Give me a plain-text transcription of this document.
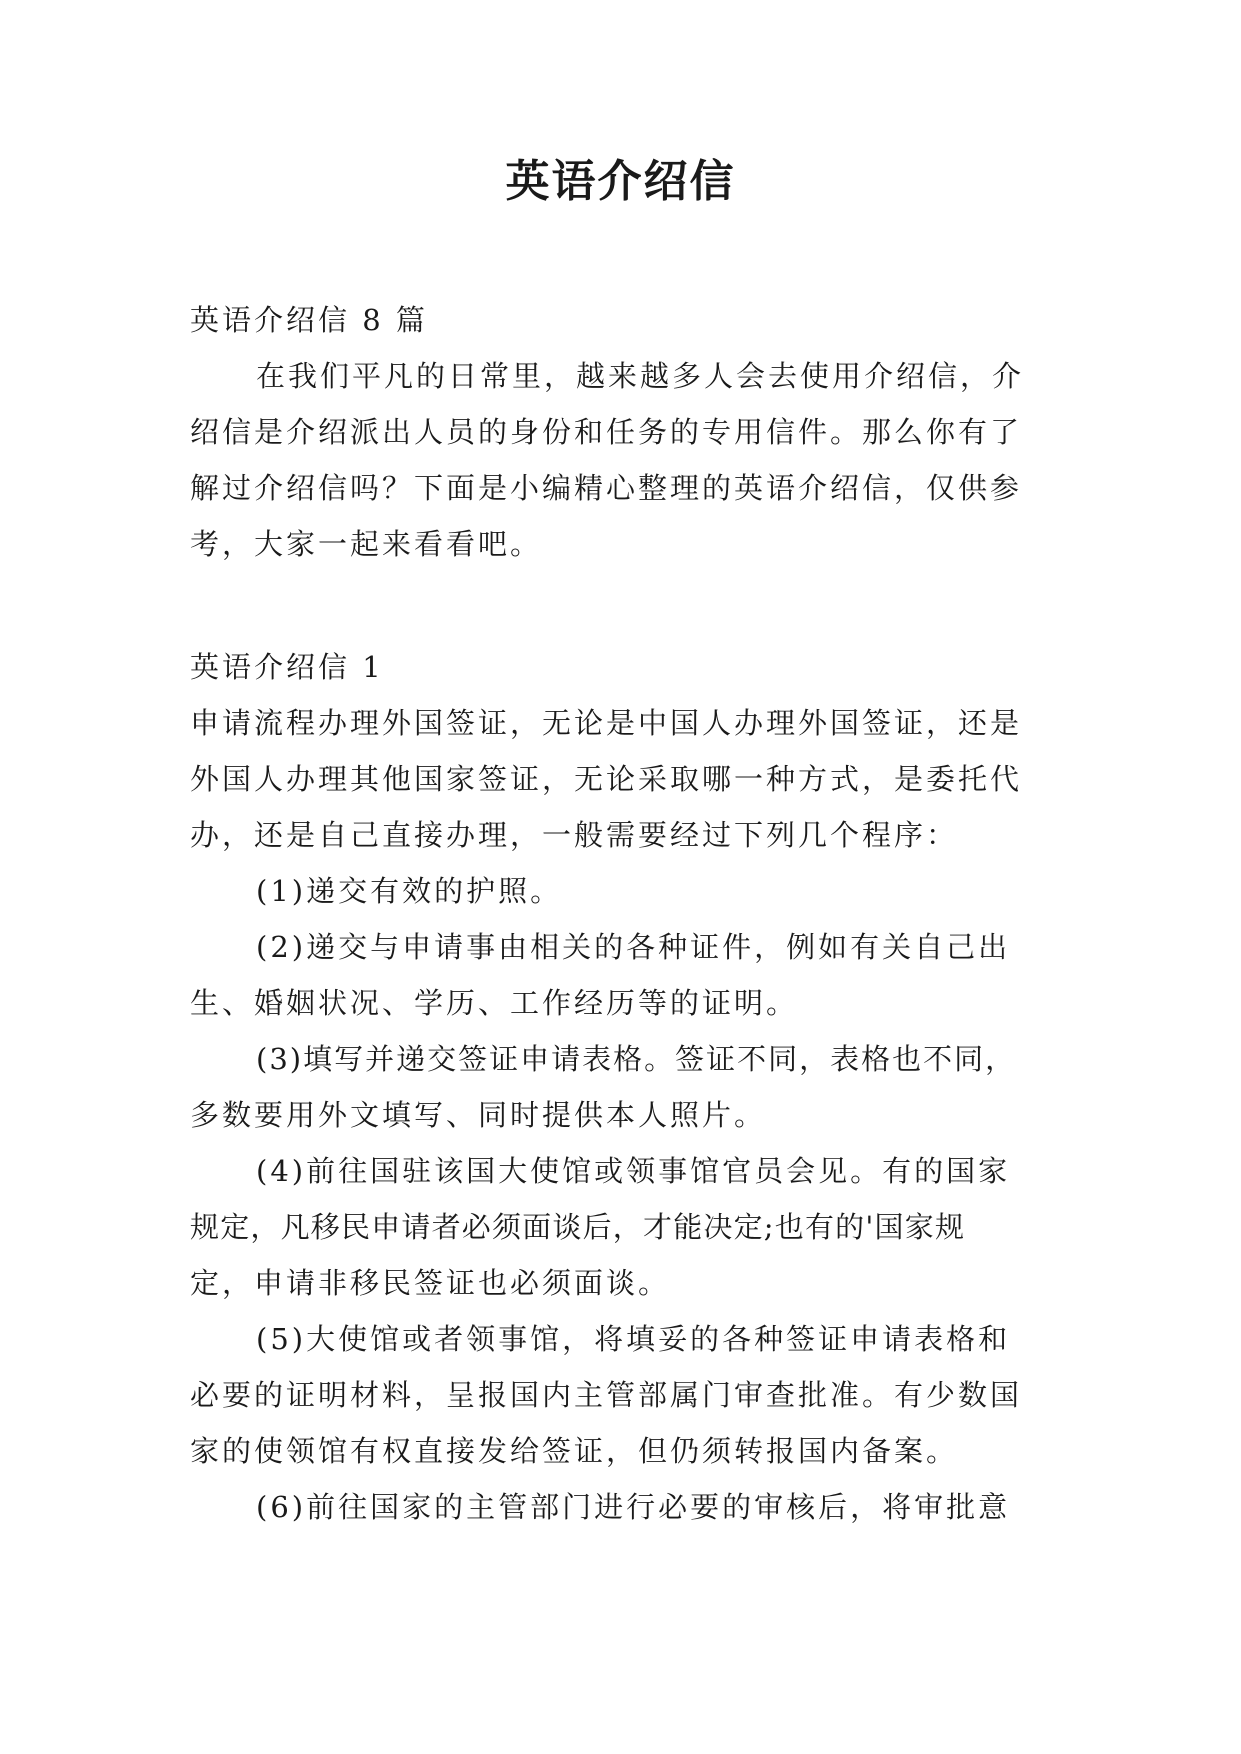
英语介绍信

英语介绍信 8 篇

在我们平凡的日常里，越来越多人会去使用介绍信，介

绍信是介绍派出人员的身份和任务的专用信件。那么你有了

解过介绍信吗？下面是小编精心整理的英语介绍信，仅供参

考，大家一起来看看吧。

英语介绍信 1

申请流程办理外国签证，无论是中国人办理外国签证，还是

外国人办理其他国家签证，无论采取哪一种方式，是委托代

办，还是自己直接办理，一般需要经过下列几个程序：

(1)递交有效的护照。

(2)递交与申请事由相关的各种证件，例如有关自己出

生、婚姻状况、学历、工作经历等的证明。

(3)填写并递交签证申请表格。签证不同，表格也不同，

多数要用外文填写、同时提供本人照片。

(4)前往国驻该国大使馆或领事馆官员会见。有的国家

规定，凡移民申请者必须面谈后，才能决定;也有的'国家规

定，申请非移民签证也必须面谈。

(5)大使馆或者领事馆，将填妥的各种签证申请表格和

必要的证明材料，呈报国内主管部属门审查批准。有少数国

家的使领馆有权直接发给签证，但仍须转报国内备案。

(6)前往国家的主管部门进行必要的审核后，将审批意
